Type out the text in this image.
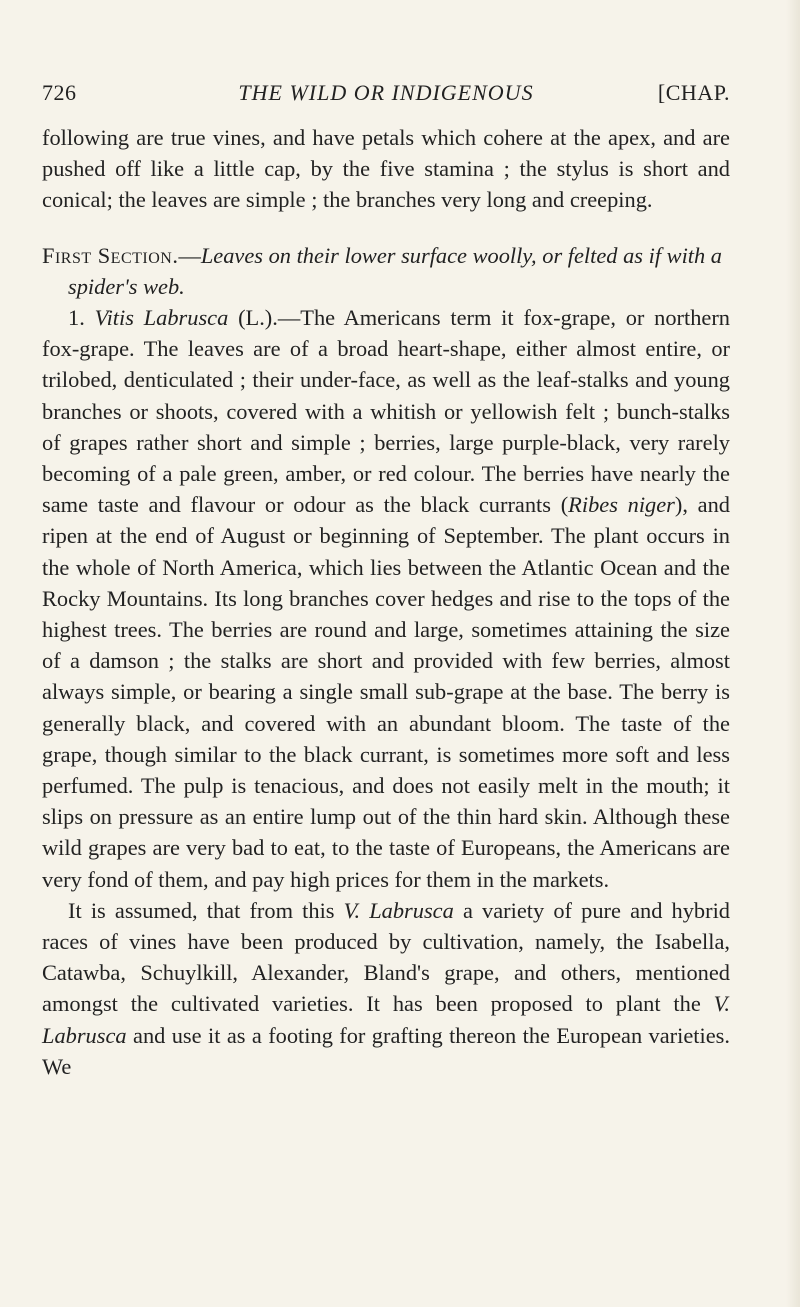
726	THE WILD OR INDIGENOUS	[CHAP.

following are true vines, and have petals which cohere at the apex, and are pushed off like a little cap, by the five stamina ; the stylus is short and conical; the leaves are simple ; the branches very long and creeping.

First Section.—Leaves on their lower surface woolly, or felted as if with a spider's web.

1. Vitis Labrusca (L.).—The Americans term it fox-grape, or northern fox-grape. The leaves are of a broad heart-shape, either almost entire, or trilobed, denticulated ; their under-face, as well as the leaf-stalks and young branches or shoots, covered with a whitish or yellowish felt ; bunch-stalks of grapes rather short and simple ; berries, large purple-black, very rarely becoming of a pale green, amber, or red colour. The berries have nearly the same taste and flavour or odour as the black currants (Ribes niger), and ripen at the end of August or beginning of September. The plant occurs in the whole of North America, which lies between the Atlantic Ocean and the Rocky Mountains. Its long branches cover hedges and rise to the tops of the highest trees. The berries are round and large, sometimes attaining the size of a damson ; the stalks are short and provided with few berries, almost always simple, or bearing a single small sub-grape at the base. The berry is generally black, and covered with an abundant bloom. The taste of the grape, though similar to the black currant, is sometimes more soft and less perfumed. The pulp is tenacious, and does not easily melt in the mouth; it slips on pressure as an entire lump out of the thin hard skin. Although these wild grapes are very bad to eat, to the taste of Europeans, the Americans are very fond of them, and pay high prices for them in the markets.

It is assumed, that from this V. Labrusca a variety of pure and hybrid races of vines have been produced by cultivation, namely, the Isabella, Catawba, Schuylkill, Alexander, Bland's grape, and others, mentioned amongst the cultivated varieties. It has been proposed to plant the V. Labrusca and use it as a footing for grafting thereon the European varieties. We
